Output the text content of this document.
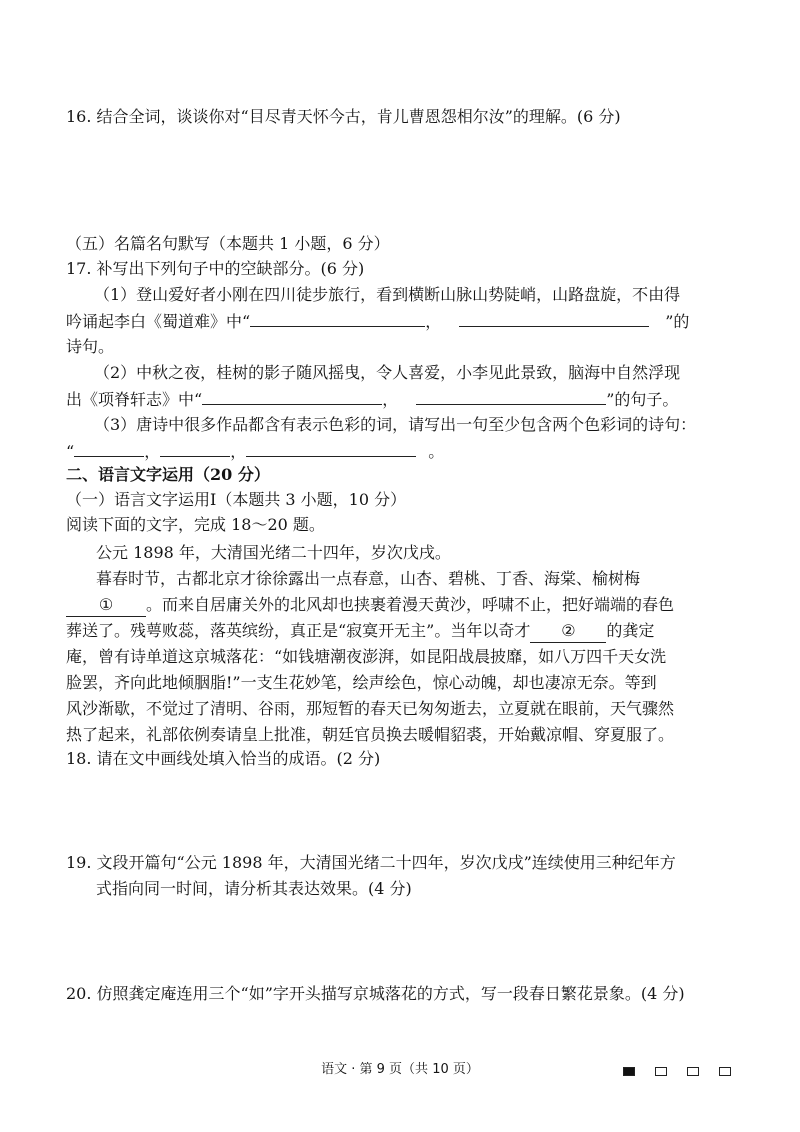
16. 结合全词，谈谈你对“目尽青天怀今古，肯儿曹恩怨相尔汝”的理解。(6 分)
（五）名篇名句默写（本题共 1 小题，6 分）
17. 补写出下列句子中的空缺部分。(6 分)
（1）登山爱好者小刚在四川徒步旅行，看到横断山脉山势陡峭，山路盘旋，不由得
吟诵起李白《蜀道难》中“	，	”的
诗句。
（2）中秋之夜，桂树的影子随风摇曳，令人喜爱，小李见此景致，脑海中自然浮现
出《项脊轩志》中“	，	”的句子。
（3）唐诗中很多作品都含有表示色彩的词，请写出一句至少包含两个色彩词的诗句：
“	，	，	。
二、语言文字运用（20 分）
（一）语言文字运用Ⅰ（本题共 3 小题，10 分）
阅读下面的文字，完成 18～20 题。
公元 1898 年，大清国光绪二十四年，岁次戊戌。
暮春时节，古都北京才徐徐露出一点春意，山杏、碧桃、丁香、海棠、榆树梅
① 。而来自居庸关外的北风却也挟裹着漫天黄沙，呼啸不止，把好端端的春色
葬送了。残萼败蕊，落英缤纷，真正是“寂寞开无主”。当年以奇才 ② 的龚定
庵，曾有诗单道这京城落花：“如钱塘潮夜澎湃，如昆阳战晨披靡，如八万四千天女洗
脸罢，齐向此地倾胭脂!”一支生花妙笔，绘声绘色，惊心动魄，却也凄凉无奈。等到
风沙渐歇，不觉过了清明、谷雨，那短暂的春天已匆匆逝去，立夏就在眼前，天气骤然
热了起来，礼部依例奏请皇上批准，朝廷官员换去暖帽貂裘，开始戴凉帽、穿夏服了。
18. 请在文中画线处填入恰当的成语。(2 分)
19. 文段开篇句“公元 1898 年，大清国光绪二十四年，岁次戊戌”连续使用三种纪年方
式指向同一时间，请分析其表达效果。(4 分)
20. 仿照龚定庵连用三个“如”字开头描写京城落花的方式，写一段春日繁花景象。(4 分)
语文 · 第 9 页（共 10 页）
